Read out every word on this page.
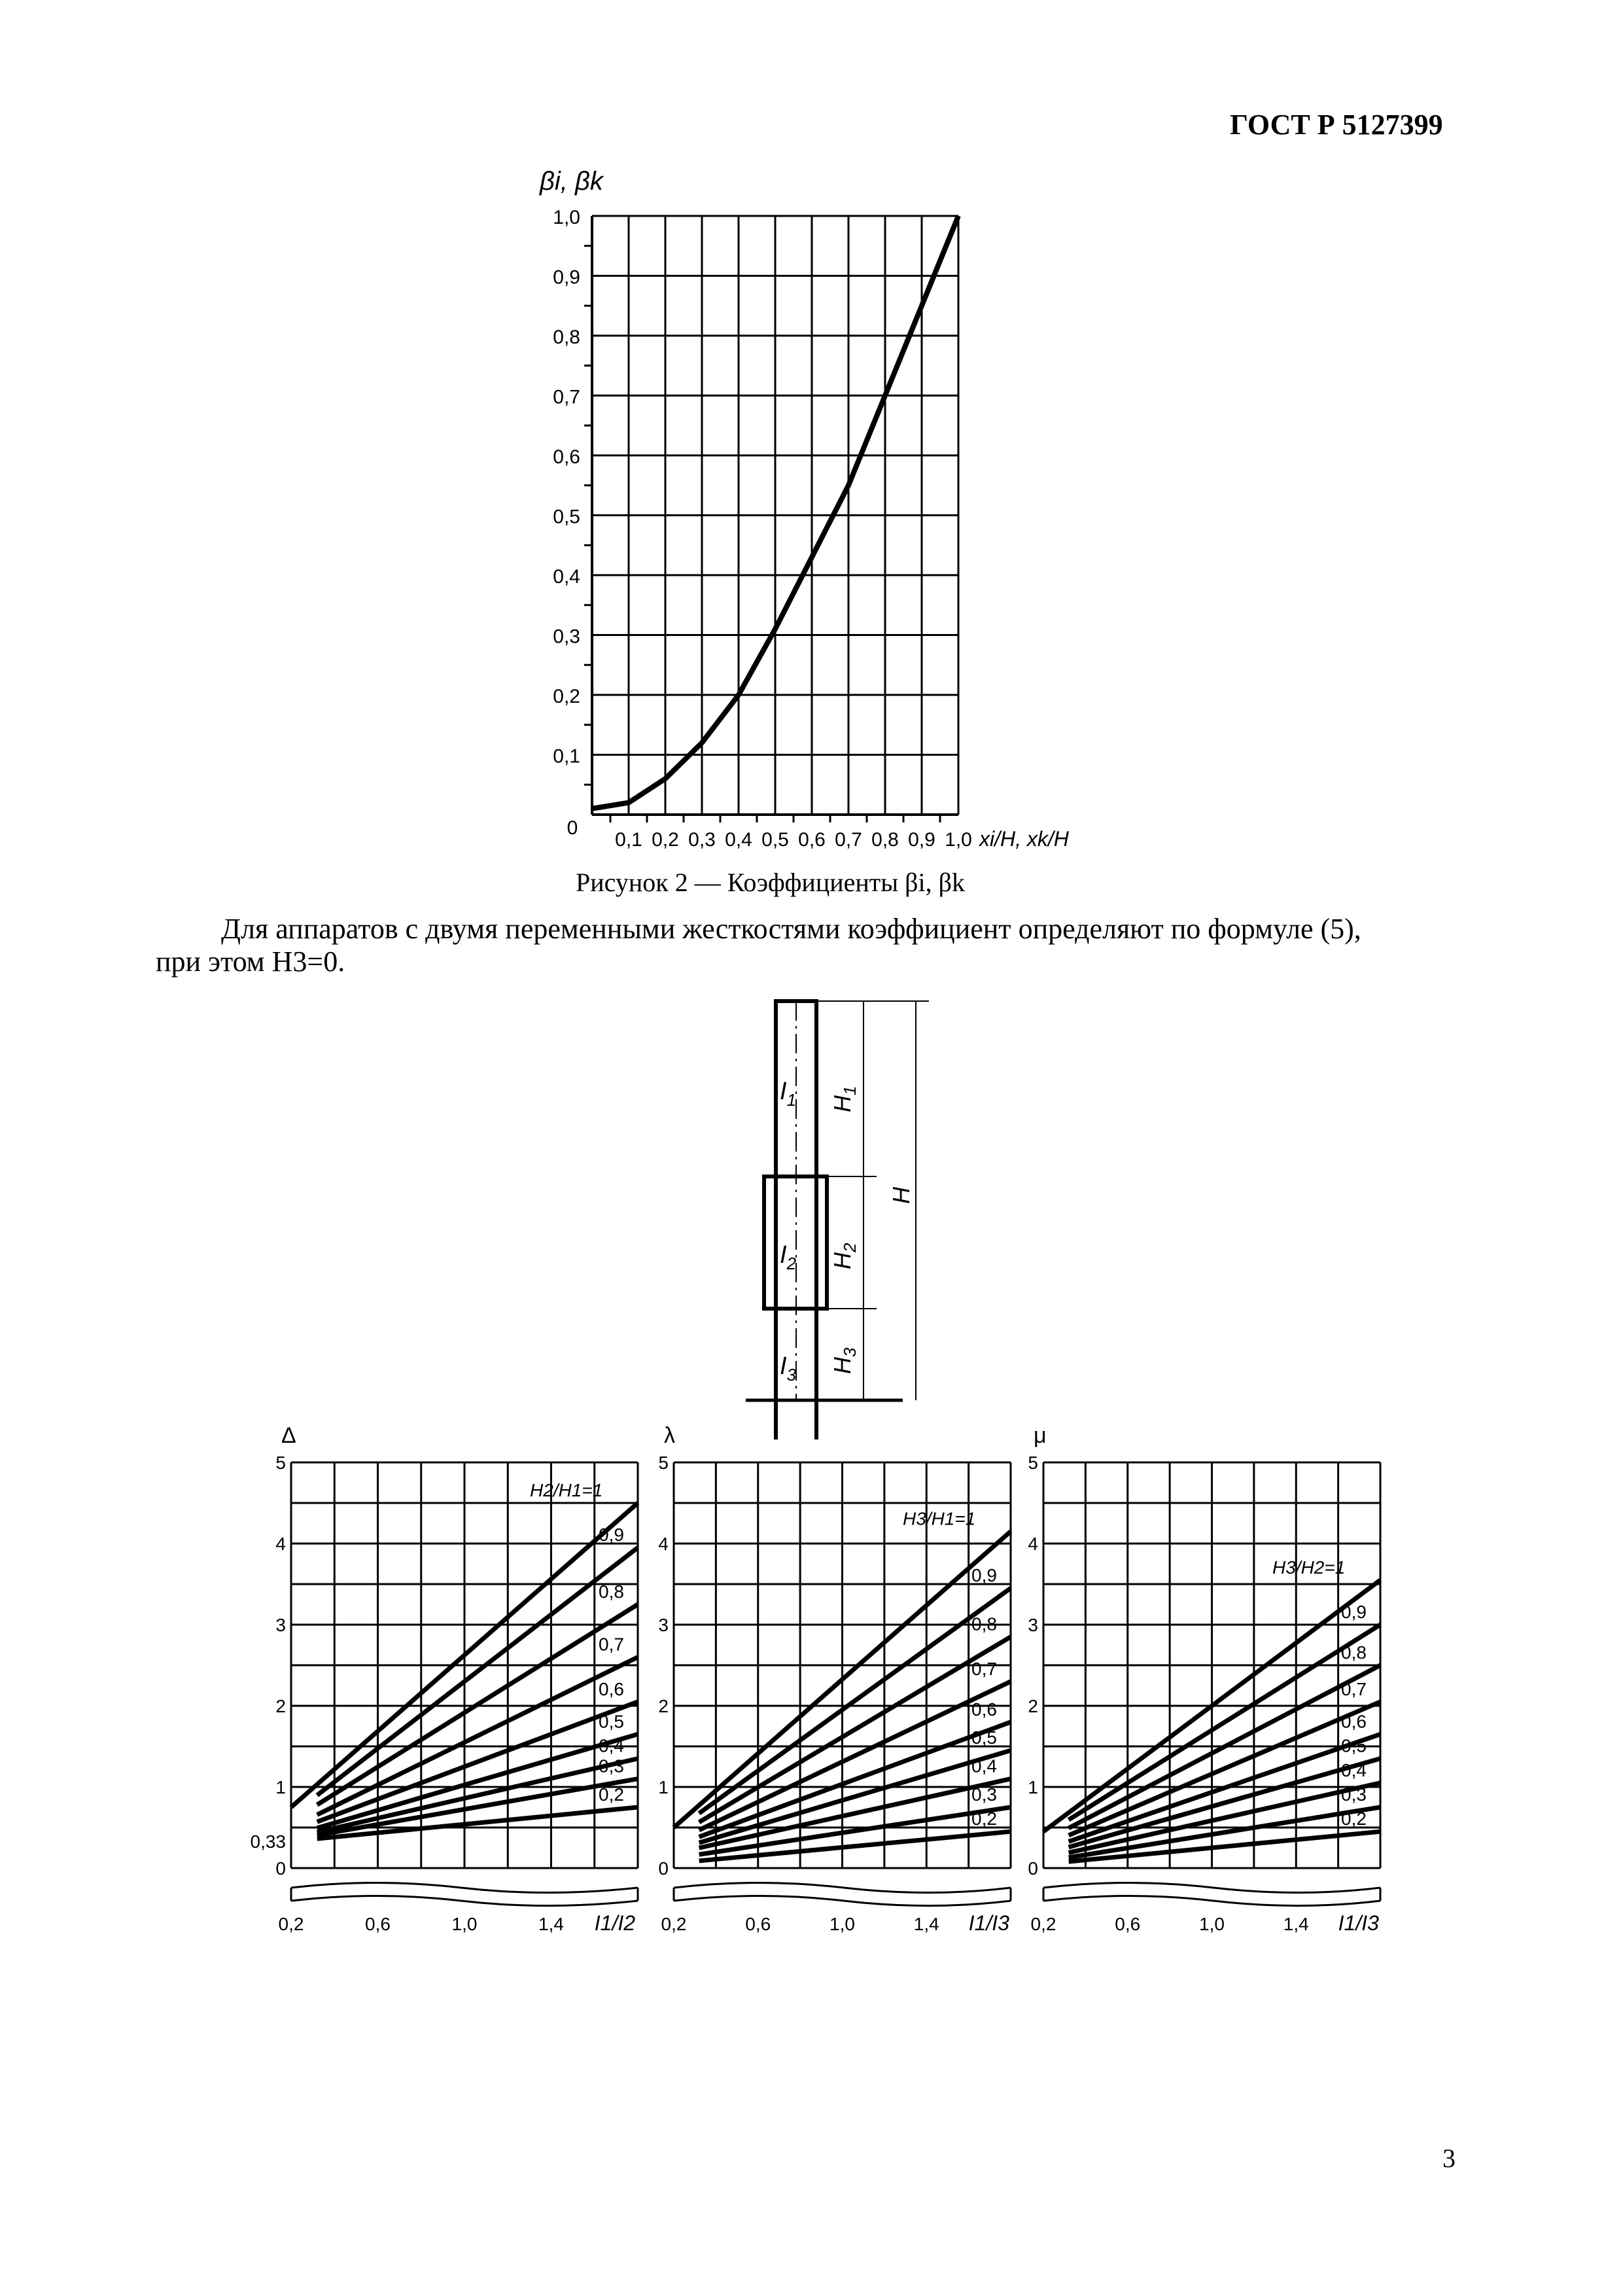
ГОСТ Р 5127399
0,1
0,2
0,3
0,4
0,5
0,6
0,7
0,8
0,9
1,0
0,1 0,2 0,3 0,4 0,5 0,6 0,7 0,8 0,9 1,0
0
βi, βk
xi/H, xk/H
Рисунок 2 — Коэффициенты βi, βk
Для аппаратов с двумя переменными жесткостями коэффициент определяют по формуле (5),
при этом H3=0.
$I_1$
$I_2$
$I_3$
$H_1$
$H_2$
$H_3$
H
0
0,33
1
2
3
4
5
0,2	0,6	1,0	1,4
Δ
I1/I2
H2/H1=1
0,9
0,8
0,7
0,6
0,5
0,4
0,3
0,2
0
1
2
3
4
5
0,2	0,6	1,0	1,4
λ
I1/I3
H3/H1=1
0,9
0,8
0,7
0,6
0,5
0,4
0,3
0,2
0
1
2
3
4
5
0,2	0,6	1,0	1,4
μ
I1/I3
H3/H2=1
0,9
0,8
0,7
0,6
0,5
0,4
0,3
0,2
3
